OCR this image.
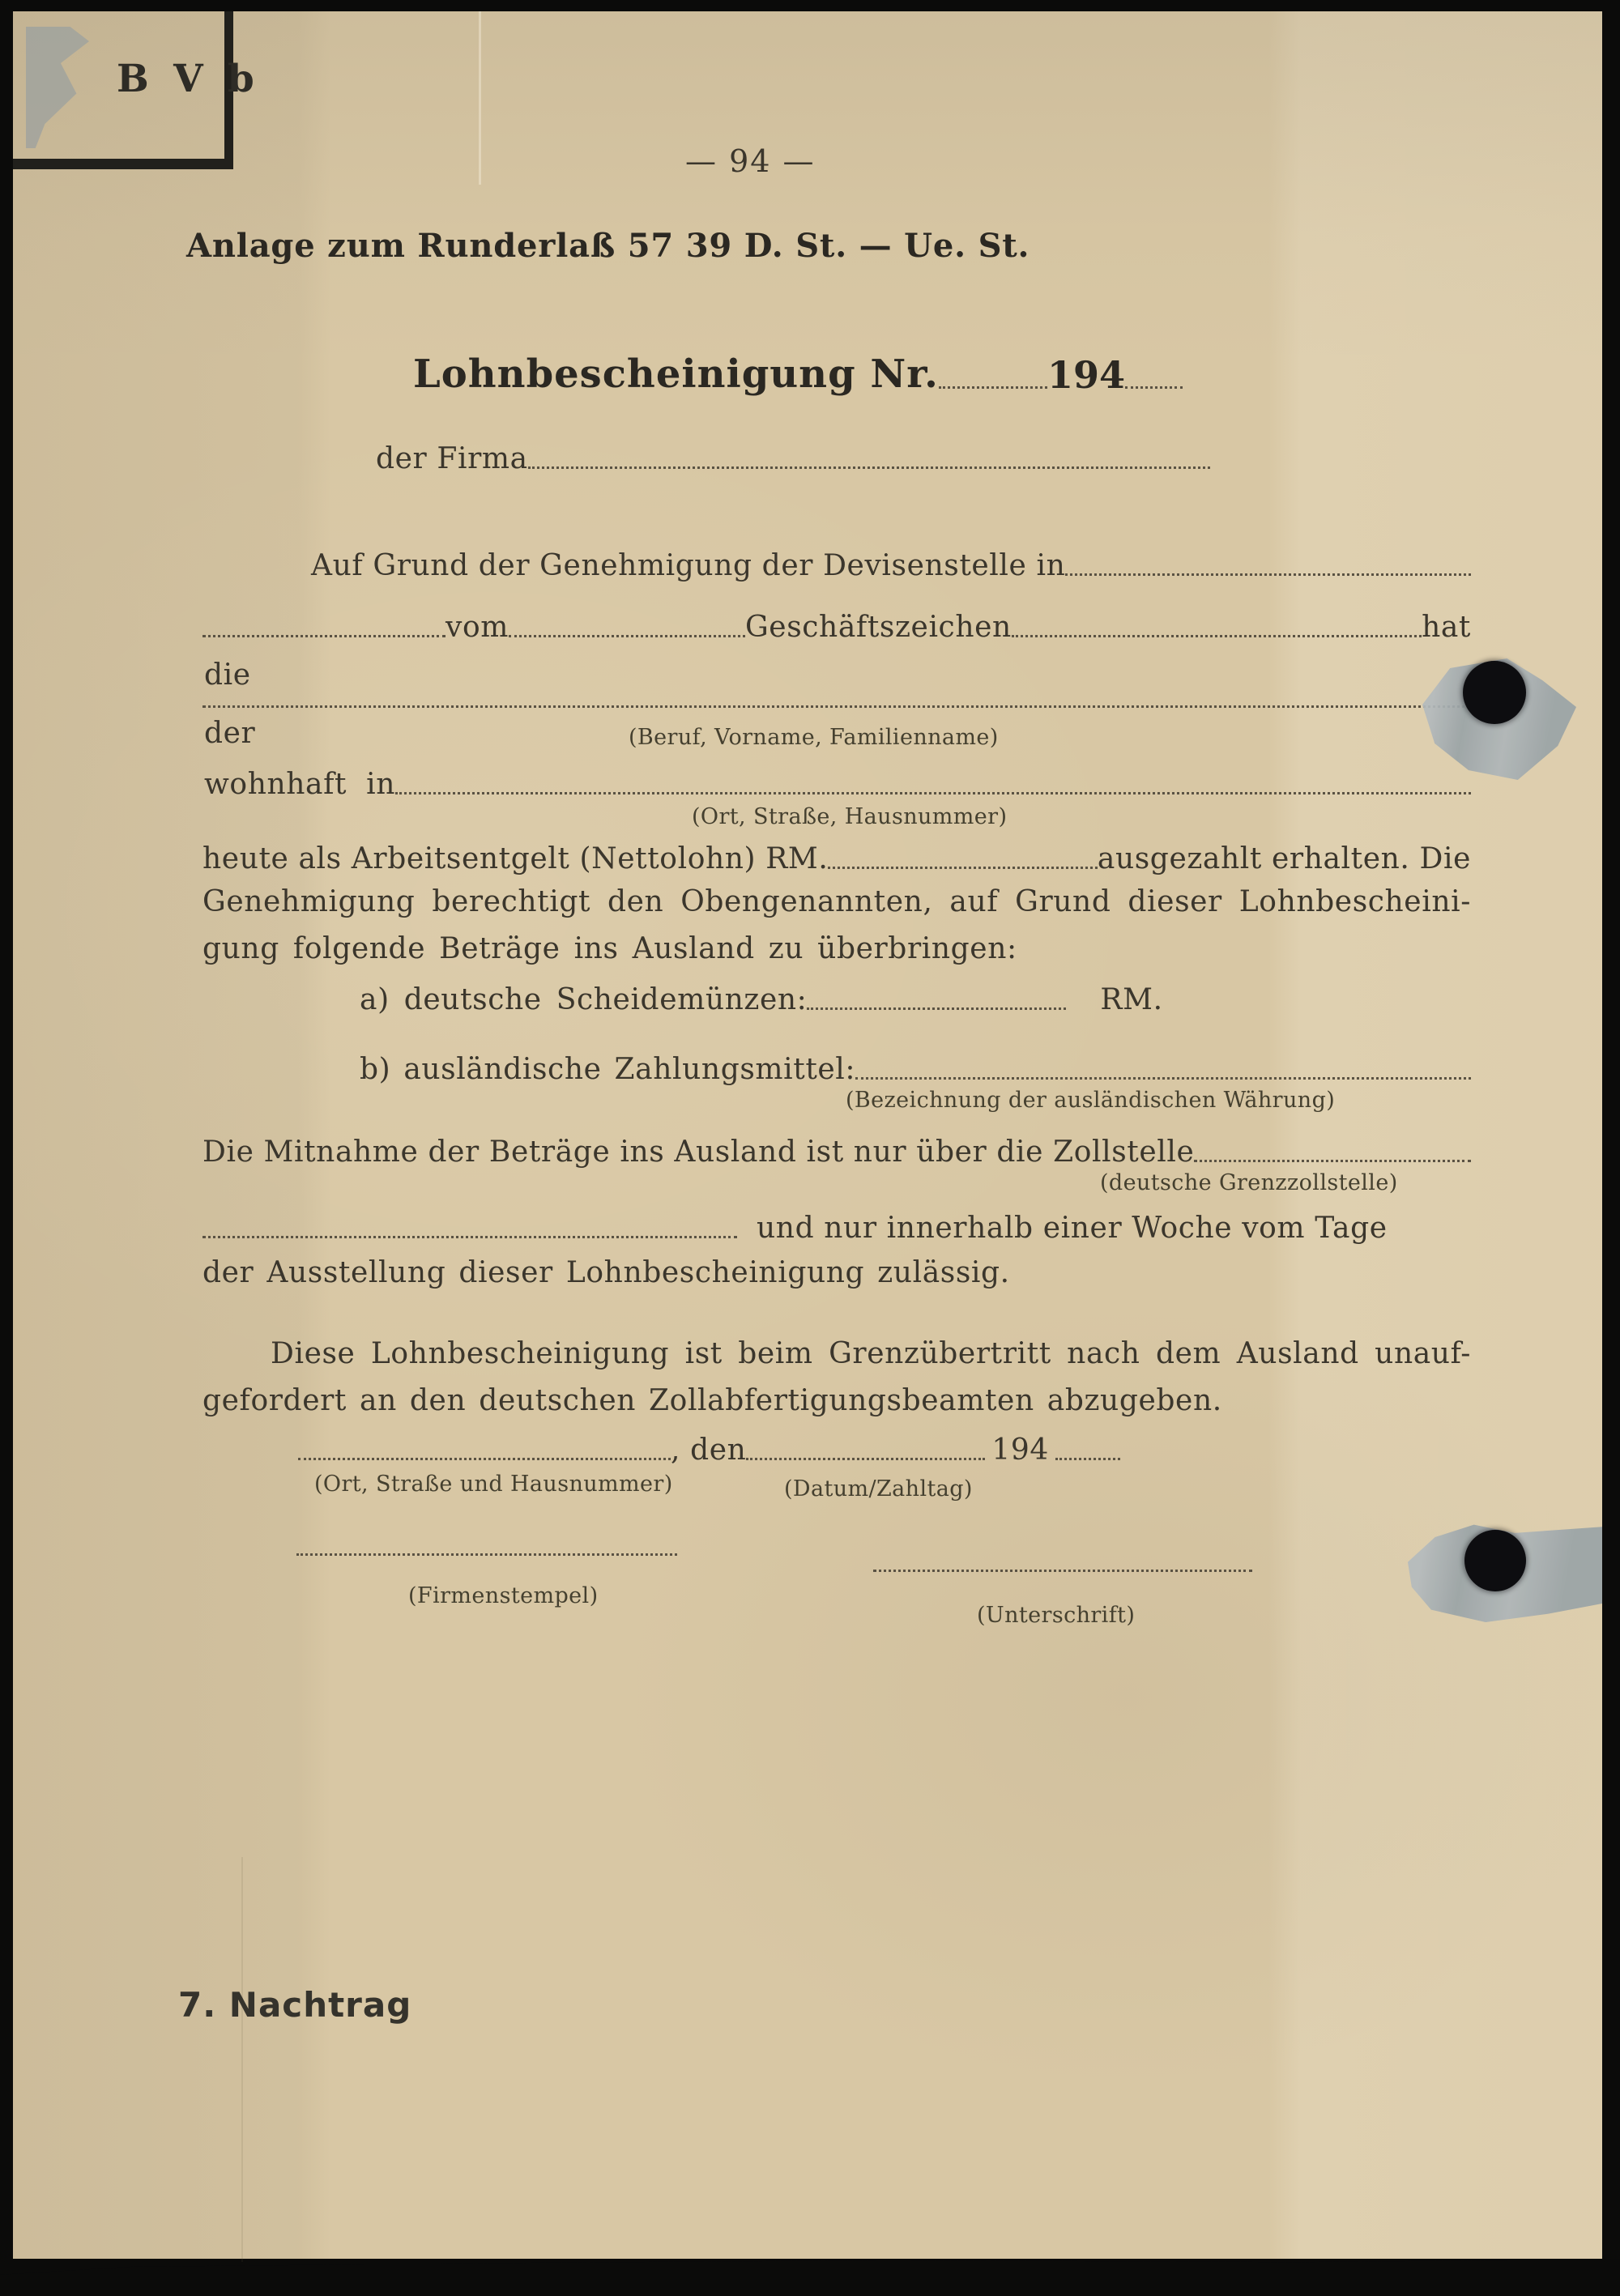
B V b
— 94 —
Anlage zum Runderlaß 57 39 D. St. — Ue. St.
Lohnbescheinigung Nr.	194
der Firma
Auf Grund der Genehmigung der Devisenstelle in
vom	Geschäftszeichen	hat
die
der	(Beruf, Vorname, Familienname)
wohnhaft  in
(Ort, Straße, Hausnummer)
heute als Arbeitsentgelt (Nettolohn) RM.	ausgezahlt erhalten. Die
Genehmigung berechtigt den Obengenannten, auf Grund dieser Lohnbescheini-
gung folgende Beträge ins Ausland zu überbringen:
a) deutsche Scheidemünzen:	RM.
b) ausländische Zahlungsmittel:
(Bezeichnung der ausländischen Währung)
Die Mitnahme der Beträge ins Ausland ist nur über die Zollstelle
(deutsche Grenzzollstelle)
und nur innerhalb einer Woche vom Tage
der Ausstellung dieser Lohnbescheinigung zulässig.
Diese Lohnbescheinigung ist beim Grenzübertritt nach dem Ausland unauf-
gefordert an den deutschen Zollabfertigungsbeamten abzugeben.
, den	194
(Ort, Straße und Hausnummer)	(Datum/Zahltag)
(Firmenstempel)
(Unterschrift)
7. Nachtrag
